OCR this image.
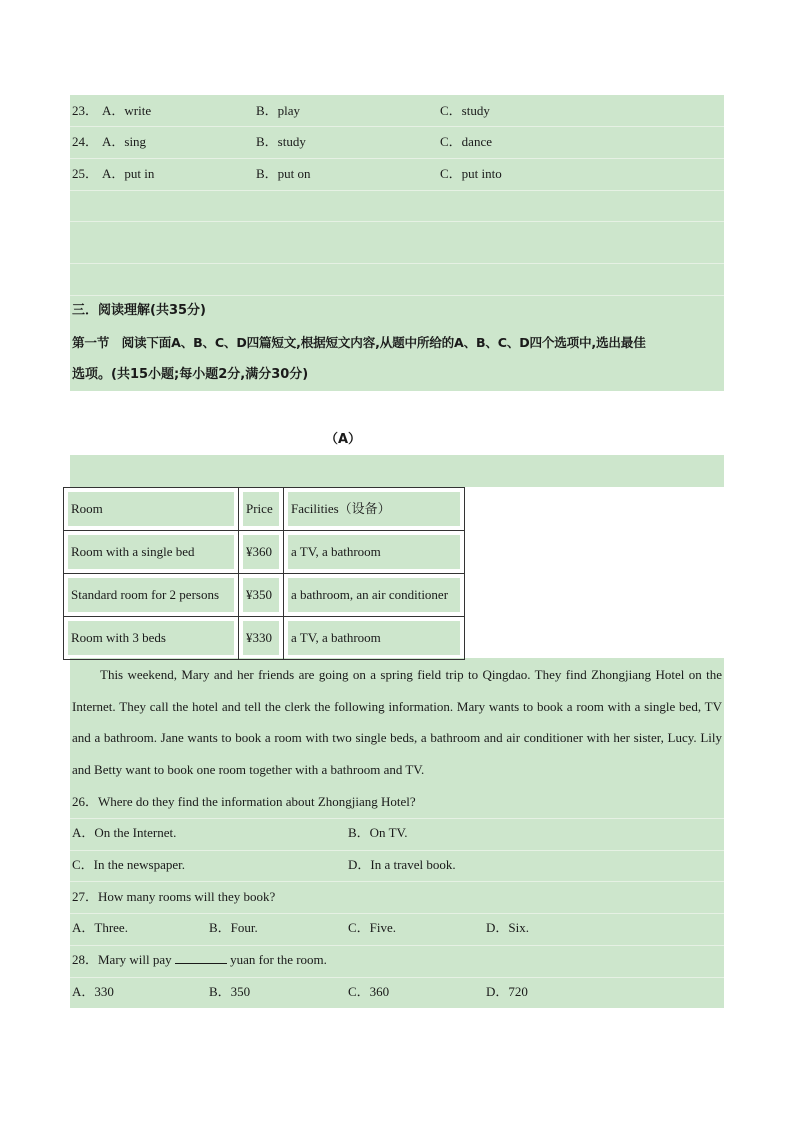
23． A．write	B．play	C．study
24． A．sing	B．study	C．dance
25． A．put in	B．put on	C．put into
三．阅读理解(共35分)
第一节　阅读下面A、B、C、D四篇短文,根据短文内容,从题中所给的A、B、C、D四个选项中,选出最佳
选项。(共15小题;每小题2分,满分30分)
（A）
Room	Price	Facilities（设备）

Room with a single bed	¥360	a TV, a bathroom

Standard room for 2 persons	¥350	a bathroom, an air conditioner

Room with 3 beds	¥330	a TV, a bathroom

This weekend, Mary and her friends are going on a spring field trip to Qingdao. They find Zhongjiang Hotel on the Internet. They call the hotel and tell the clerk the following information. Mary wants to book a room with a single bed, TV and a bathroom. Jane wants to book a room with two single beds, a bathroom and air conditioner with her sister, Lucy. Lily and Betty want to book one room together with a bathroom and TV.

26．Where do they find the information about Zhongjiang Hotel?
A．On the Internet.	B．On TV.
C．In the newspaper.	D．In a travel book.
27．How many rooms will they book?
A．Three.	B．Four.	C．Five.	D．Six.
28．Mary will pay	yuan for the room.
A．330	B．350	C．360	D．720
